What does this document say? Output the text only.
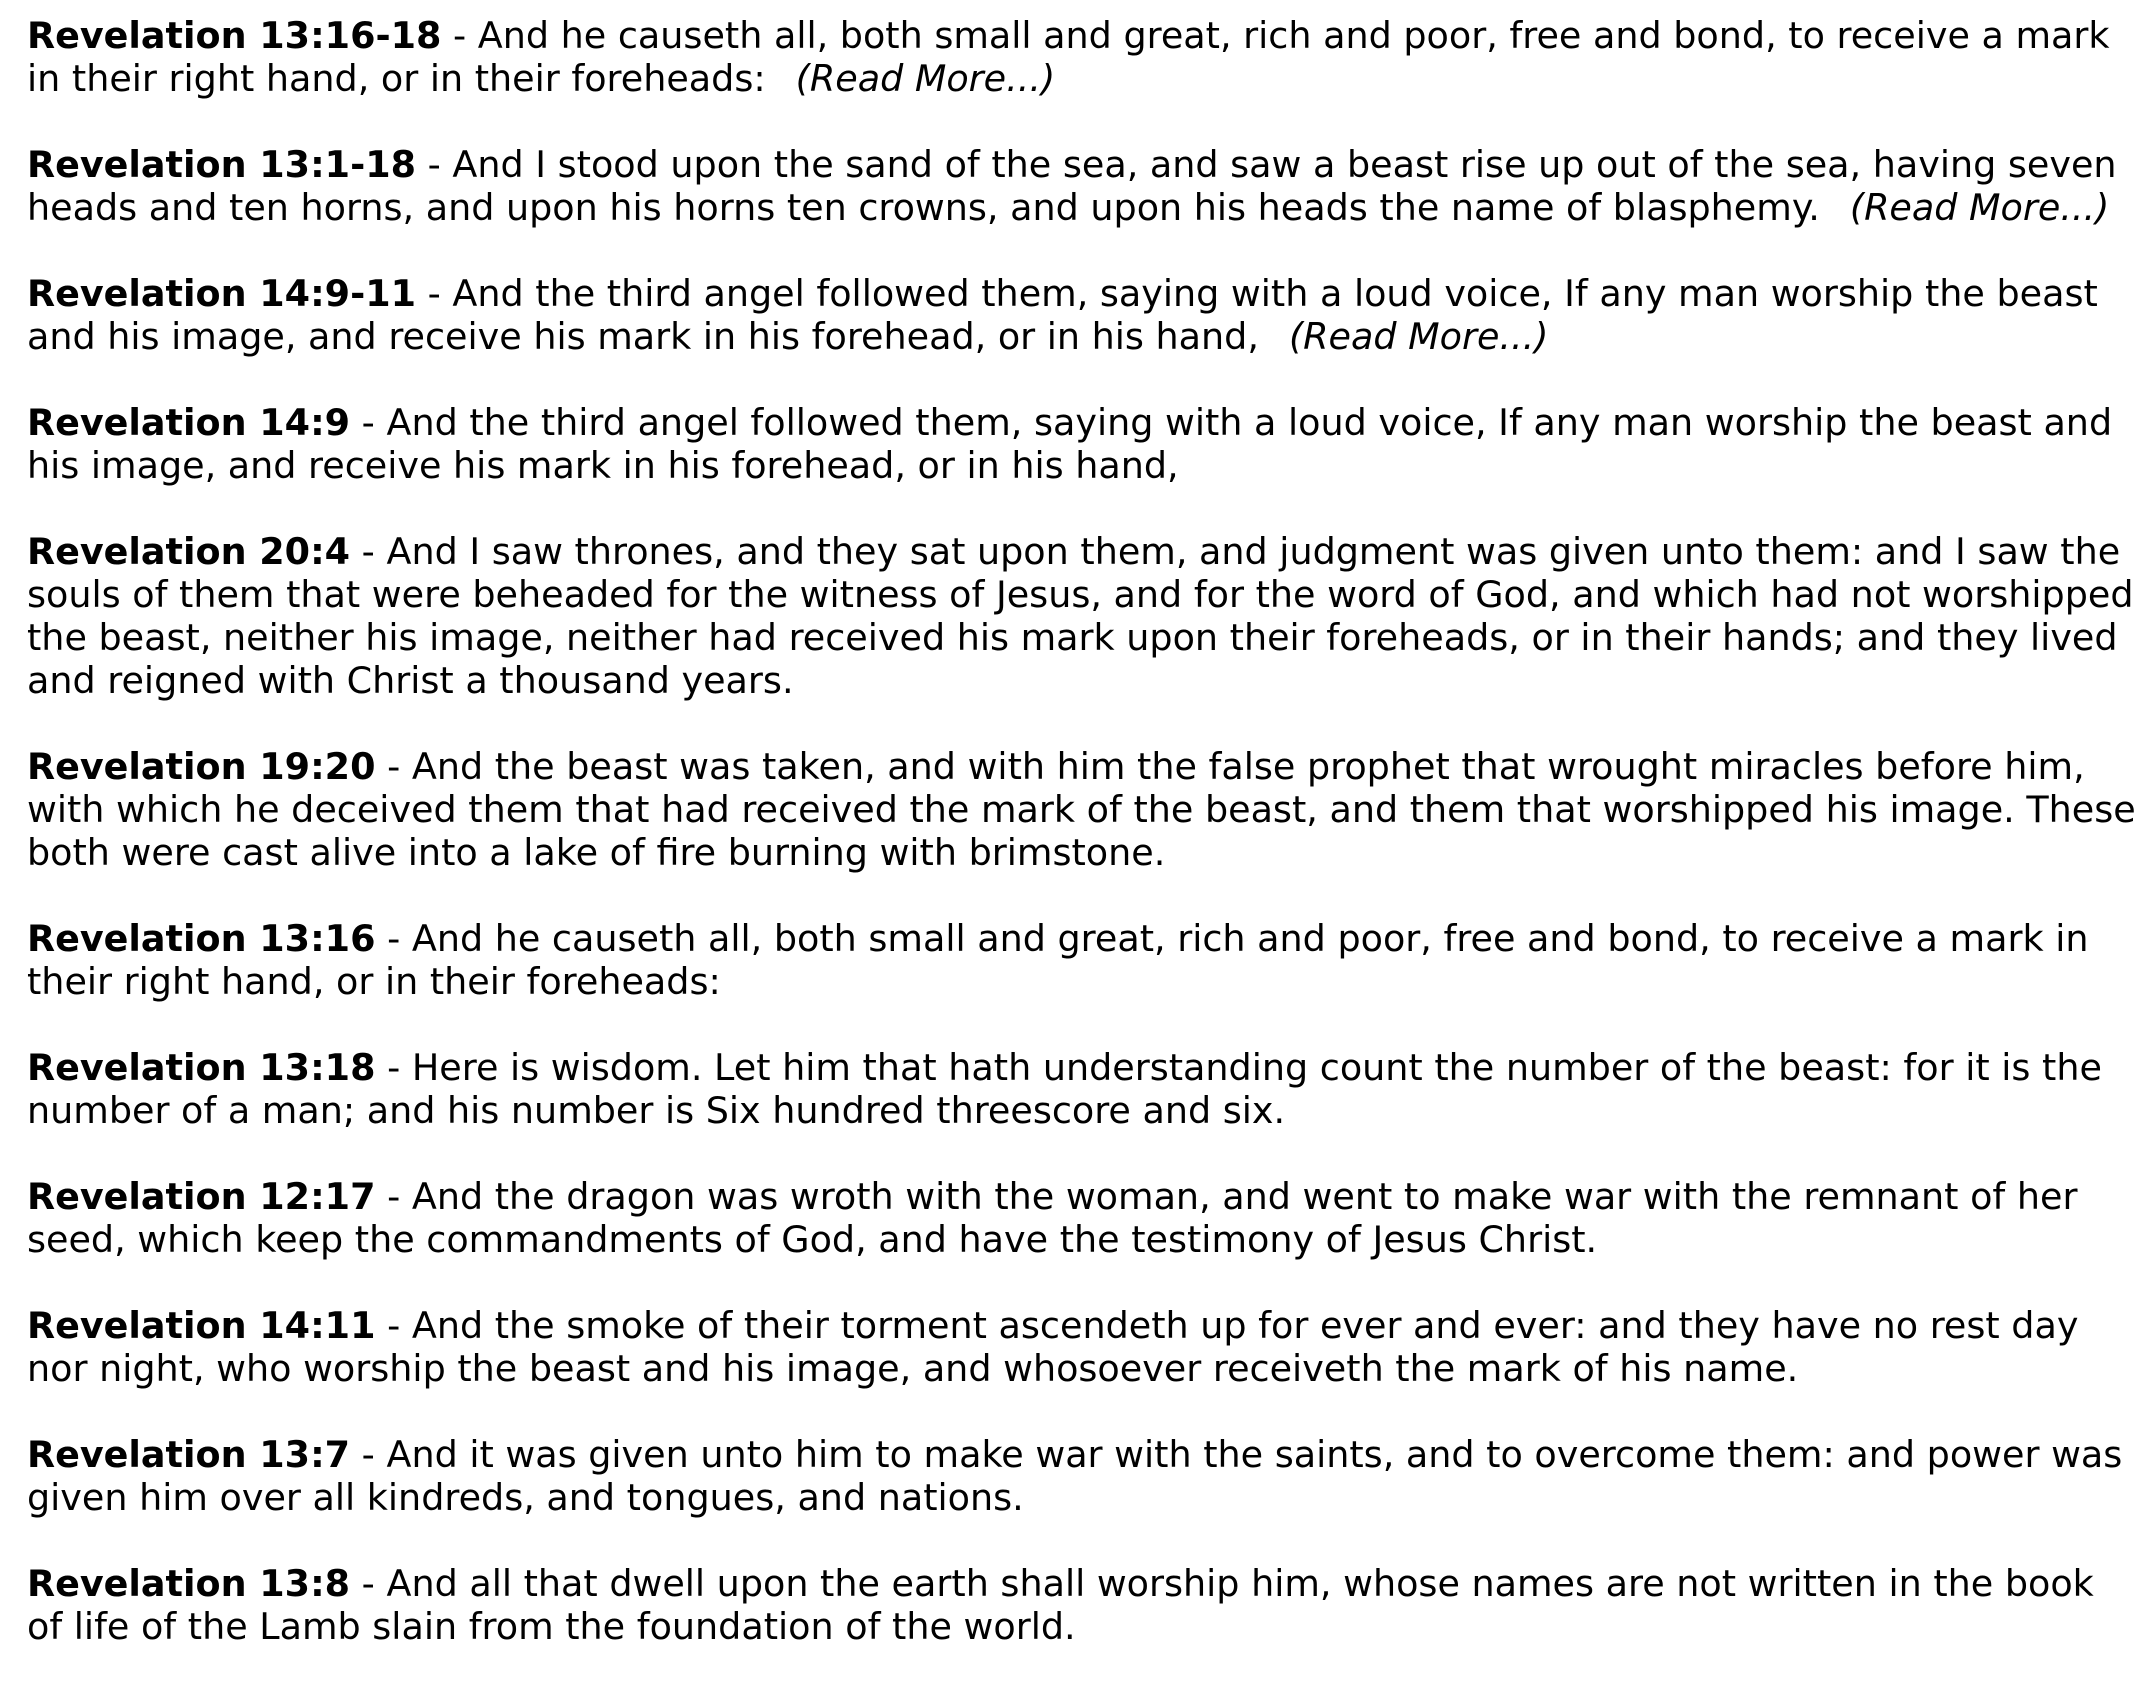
Revelation 13:16-18 - And he causeth all, both small and great, rich and poor, free and bond, to receive a mark in their right hand, or in their foreheads: (Read More...)

Revelation 13:1-18 - And I stood upon the sand of the sea, and saw a beast rise up out of the sea, having seven heads and ten horns, and upon his horns ten crowns, and upon his heads the name of blasphemy. (Read More...)

Revelation 14:9-11 - And the third angel followed them, saying with a loud voice, If any man worship the beast and his image, and receive his mark in his forehead, or in his hand, (Read More...)

Revelation 14:9 - And the third angel followed them, saying with a loud voice, If any man worship the beast and his image, and receive his mark in his forehead, or in his hand,

Revelation 20:4 - And I saw thrones, and they sat upon them, and judgment was given unto them: and I saw the souls of them that were beheaded for the witness of Jesus, and for the word of God, and which had not worshipped the beast, neither his image, neither had received his mark upon their foreheads, or in their hands; and they lived and reigned with Christ a thousand years.

Revelation 19:20 - And the beast was taken, and with him the false prophet that wrought miracles before him, with which he deceived them that had received the mark of the beast, and them that worshipped his image. These both were cast alive into a lake of fire burning with brimstone.

Revelation 13:16 - And he causeth all, both small and great, rich and poor, free and bond, to receive a mark in their right hand, or in their foreheads:

Revelation 13:18 - Here is wisdom. Let him that hath understanding count the number of the beast: for it is the number of a man; and his number is Six hundred threescore and six.

Revelation 12:17 - And the dragon was wroth with the woman, and went to make war with the remnant of her seed, which keep the commandments of God, and have the testimony of Jesus Christ.

Revelation 14:11 - And the smoke of their torment ascendeth up for ever and ever: and they have no rest day nor night, who worship the beast and his image, and whosoever receiveth the mark of his name.

Revelation 13:7 - And it was given unto him to make war with the saints, and to overcome them: and power was given him over all kindreds, and tongues, and nations.

Revelation 13:8 - And all that dwell upon the earth shall worship him, whose names are not written in the book of life of the Lamb slain from the foundation of the world.
